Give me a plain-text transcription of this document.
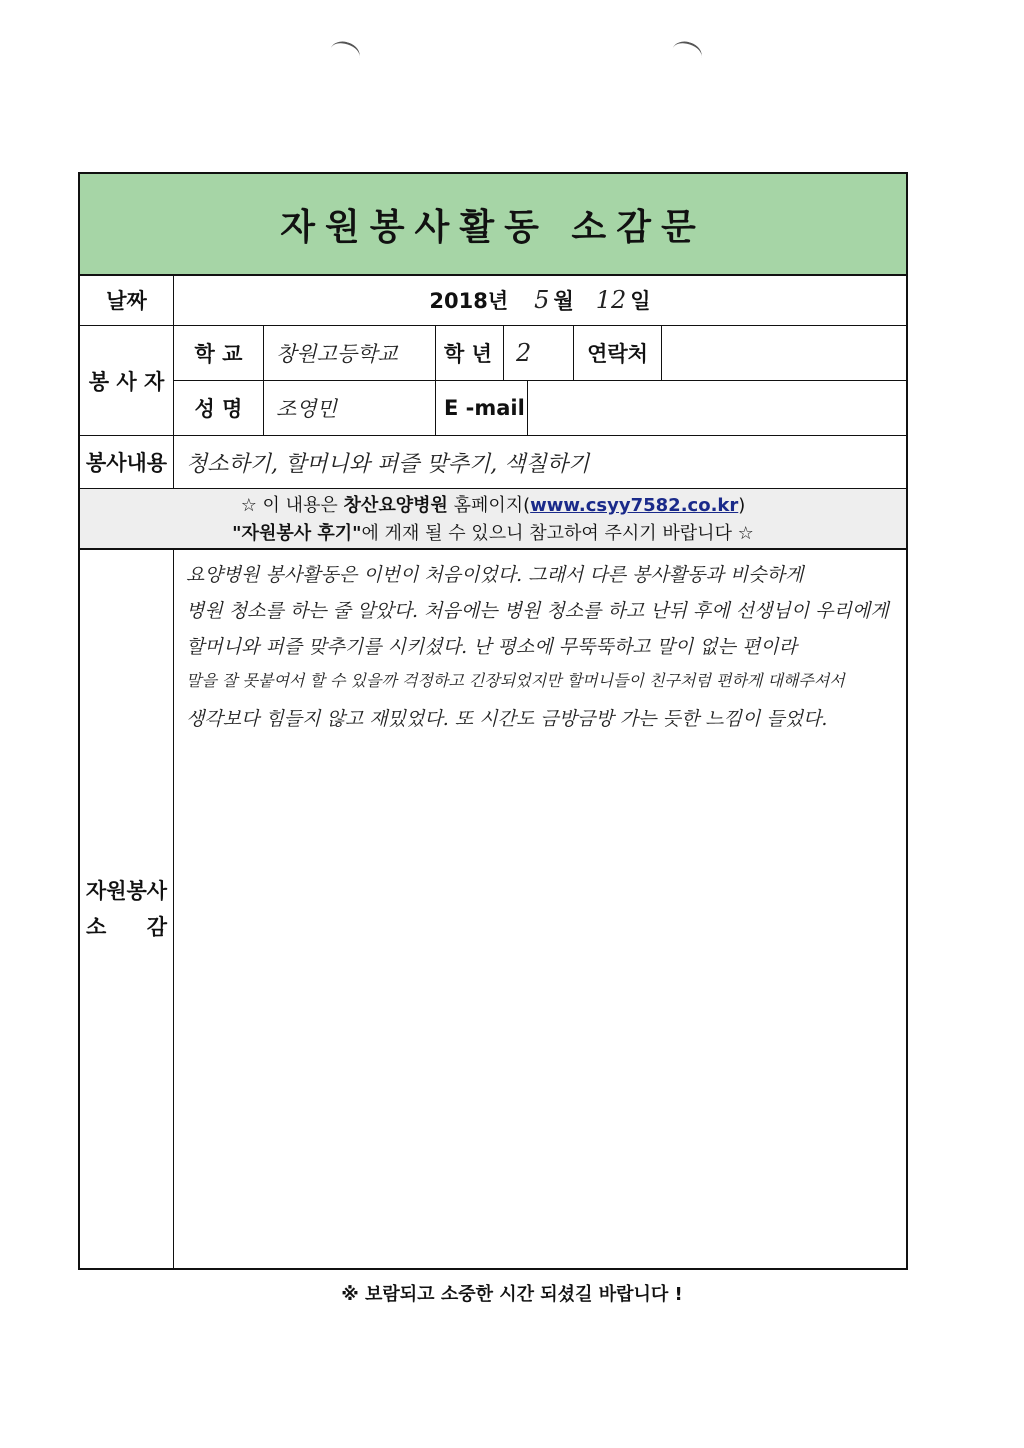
자원봉사활동 소감문
날짜	2018년 5 월 12 일
봉 사 자
학 교	창원고등학교	학 년	2	연락처
성 명	조영민	E -mail
봉사내용 청소하기, 할머니와 퍼즐 맞추기, 색칠하기
☆ 이 내용은 창산요양병원 홈페이지(www.csyy7582.co.kr)
"자원봉사 후기"에 게재 될 수 있으니 참고하여 주시기 바랍니다 ☆
자원봉사
소 감
요양병원 봉사활동은 이번이 처음이었다. 그래서 다른 봉사활동과 비슷하게
병원 청소를 하는 줄 알았다. 처음에는 병원 청소를 하고 난뒤 후에 선생님이 우리에게
할머니와 퍼즐 맞추기를 시키셨다. 난 평소에 무뚝뚝하고 말이 없는 편이라
말을 잘 못붙여서 할 수 있을까 걱정하고 긴장되었지만 할머니들이 친구처럼 편하게 대해주셔서
생각보다 힘들지 않고 재밌었다. 또 시간도 금방금방 가는 듯한 느낌이 들었다.
※ 보람되고 소중한 시간 되셨길 바랍니다 !
